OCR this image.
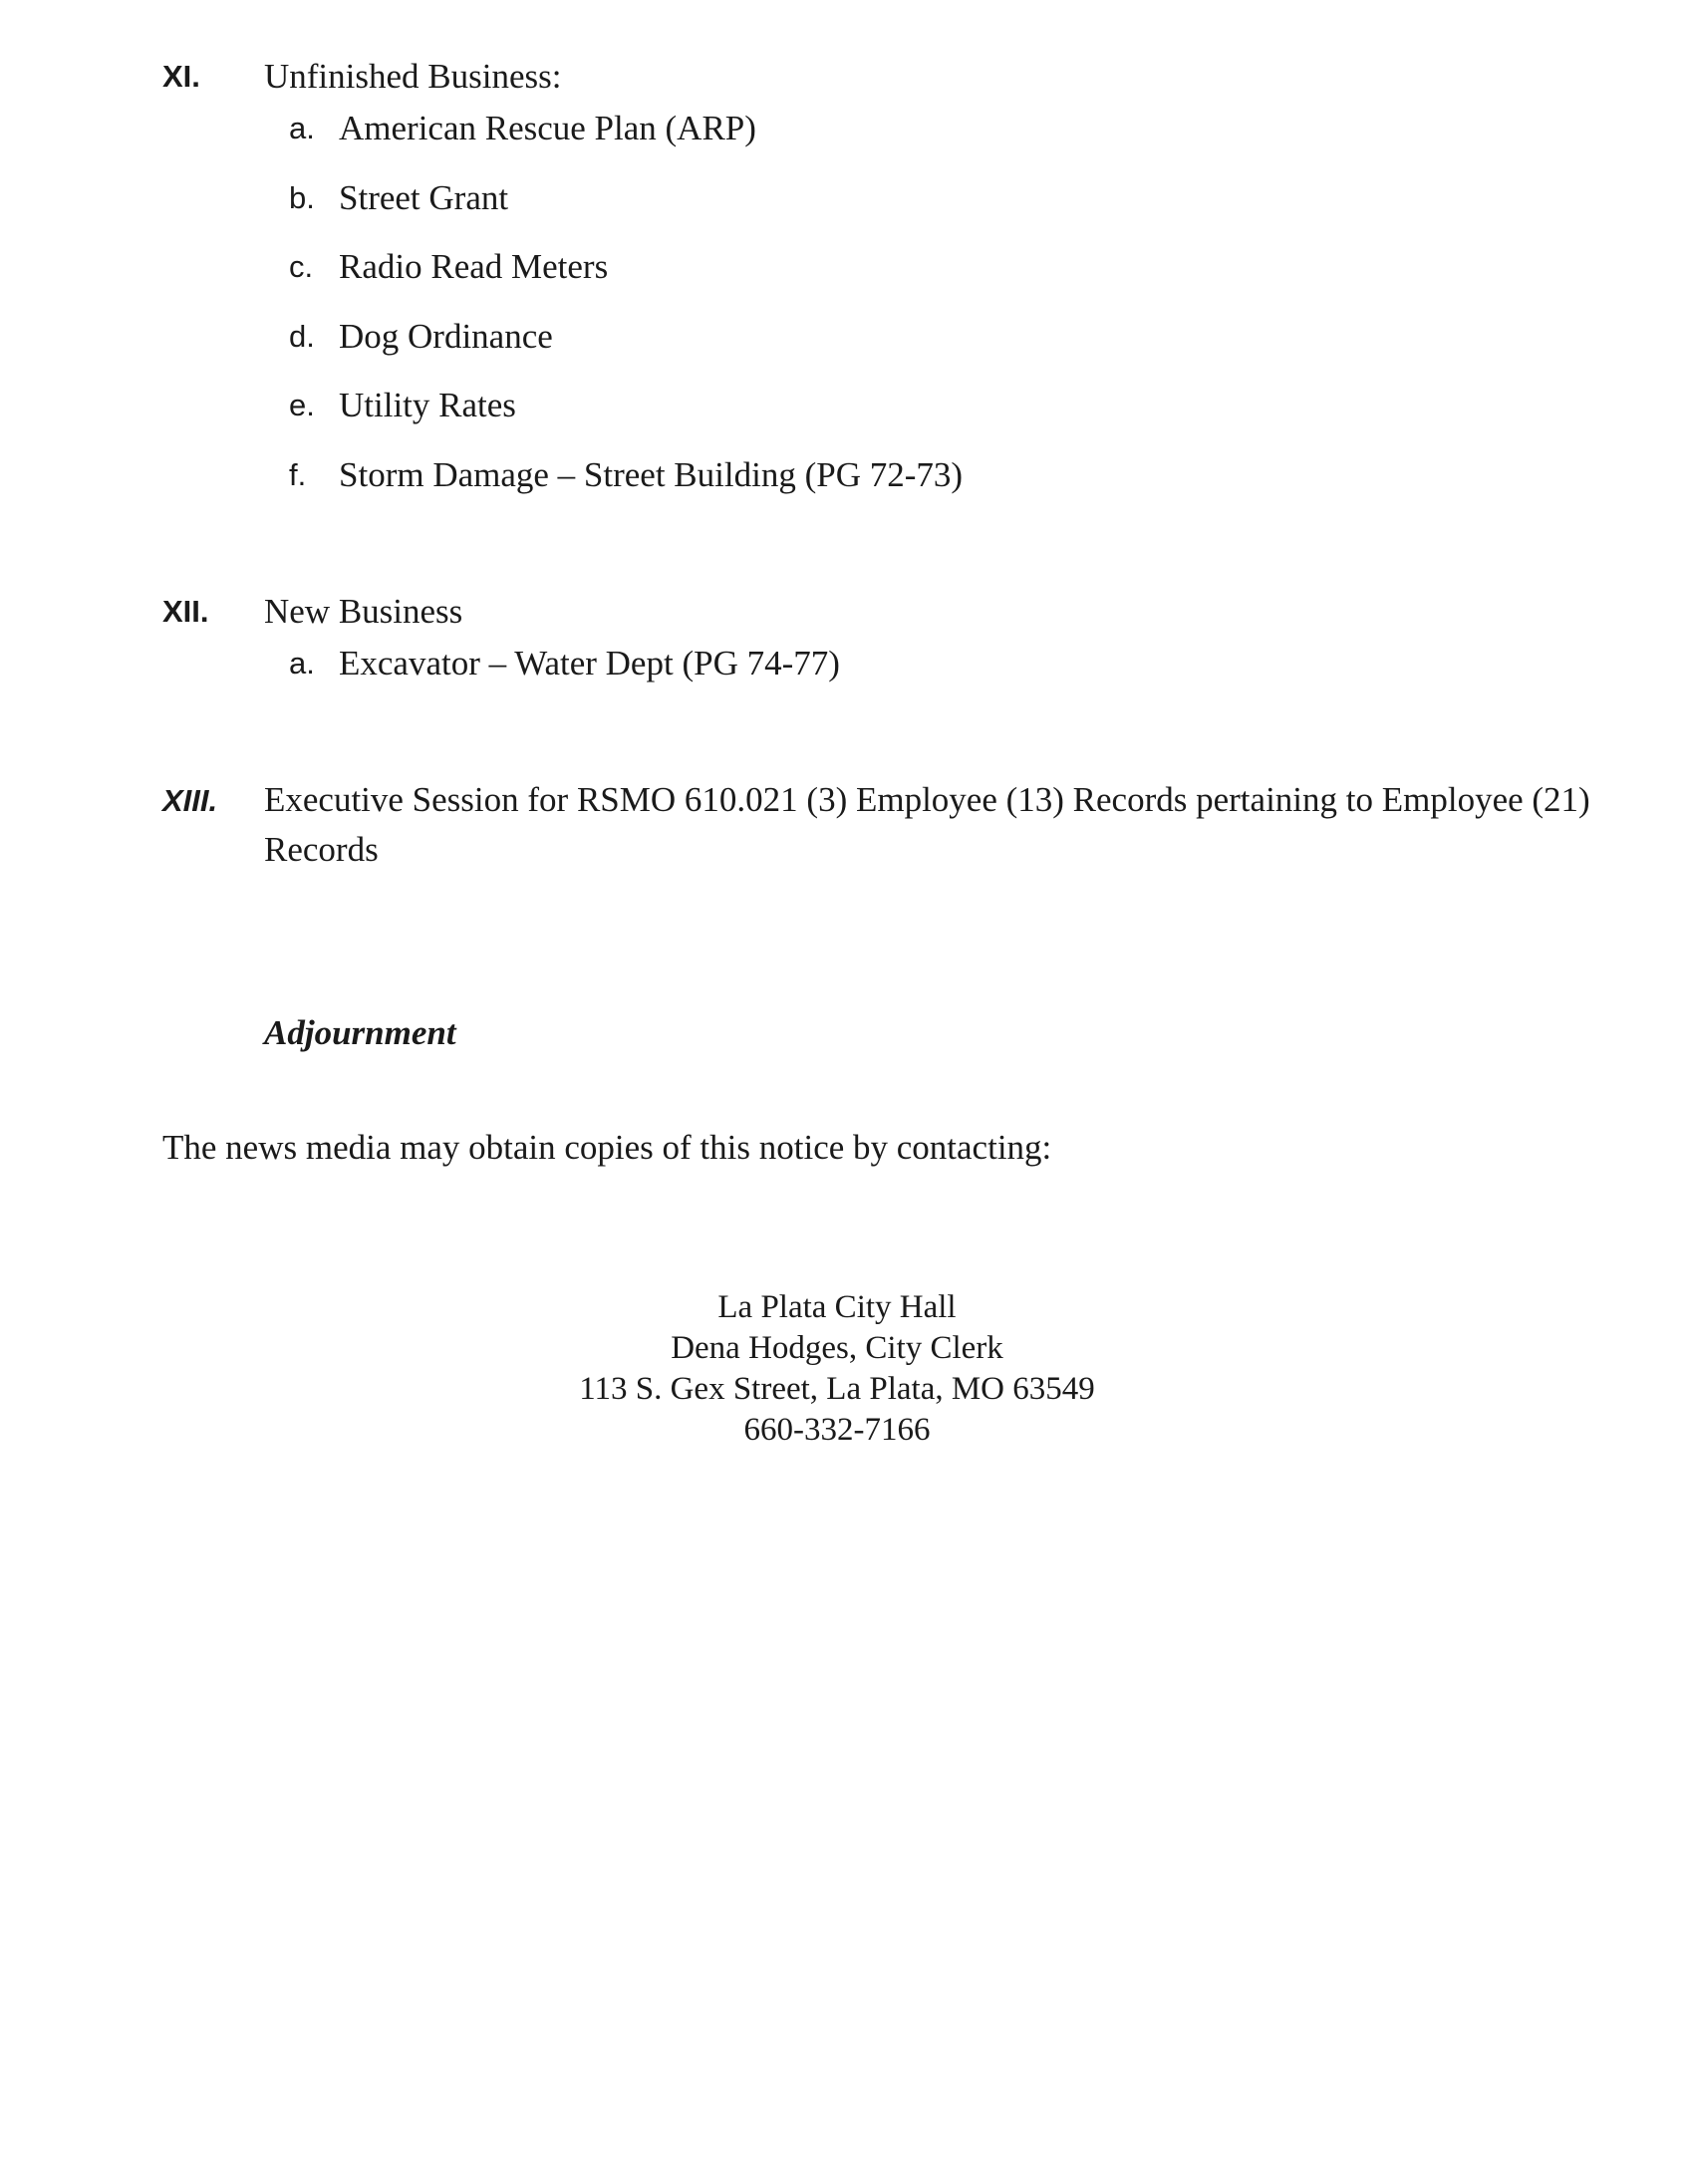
XI. Unfinished Business:
a. American Rescue Plan (ARP)
b. Street Grant
c. Radio Read Meters
d. Dog Ordinance
e. Utility Rates
f. Storm Damage – Street Building (PG 72-73)
XII. New Business
a. Excavator – Water Dept (PG 74-77)
XIII. Executive Session for RSMO 610.021 (3) Employee (13) Records pertaining to Employee (21) Records
Adjournment
The news media may obtain copies of this notice by contacting:
La Plata City Hall
Dena Hodges, City Clerk
113 S. Gex Street, La Plata, MO 63549
660-332-7166
